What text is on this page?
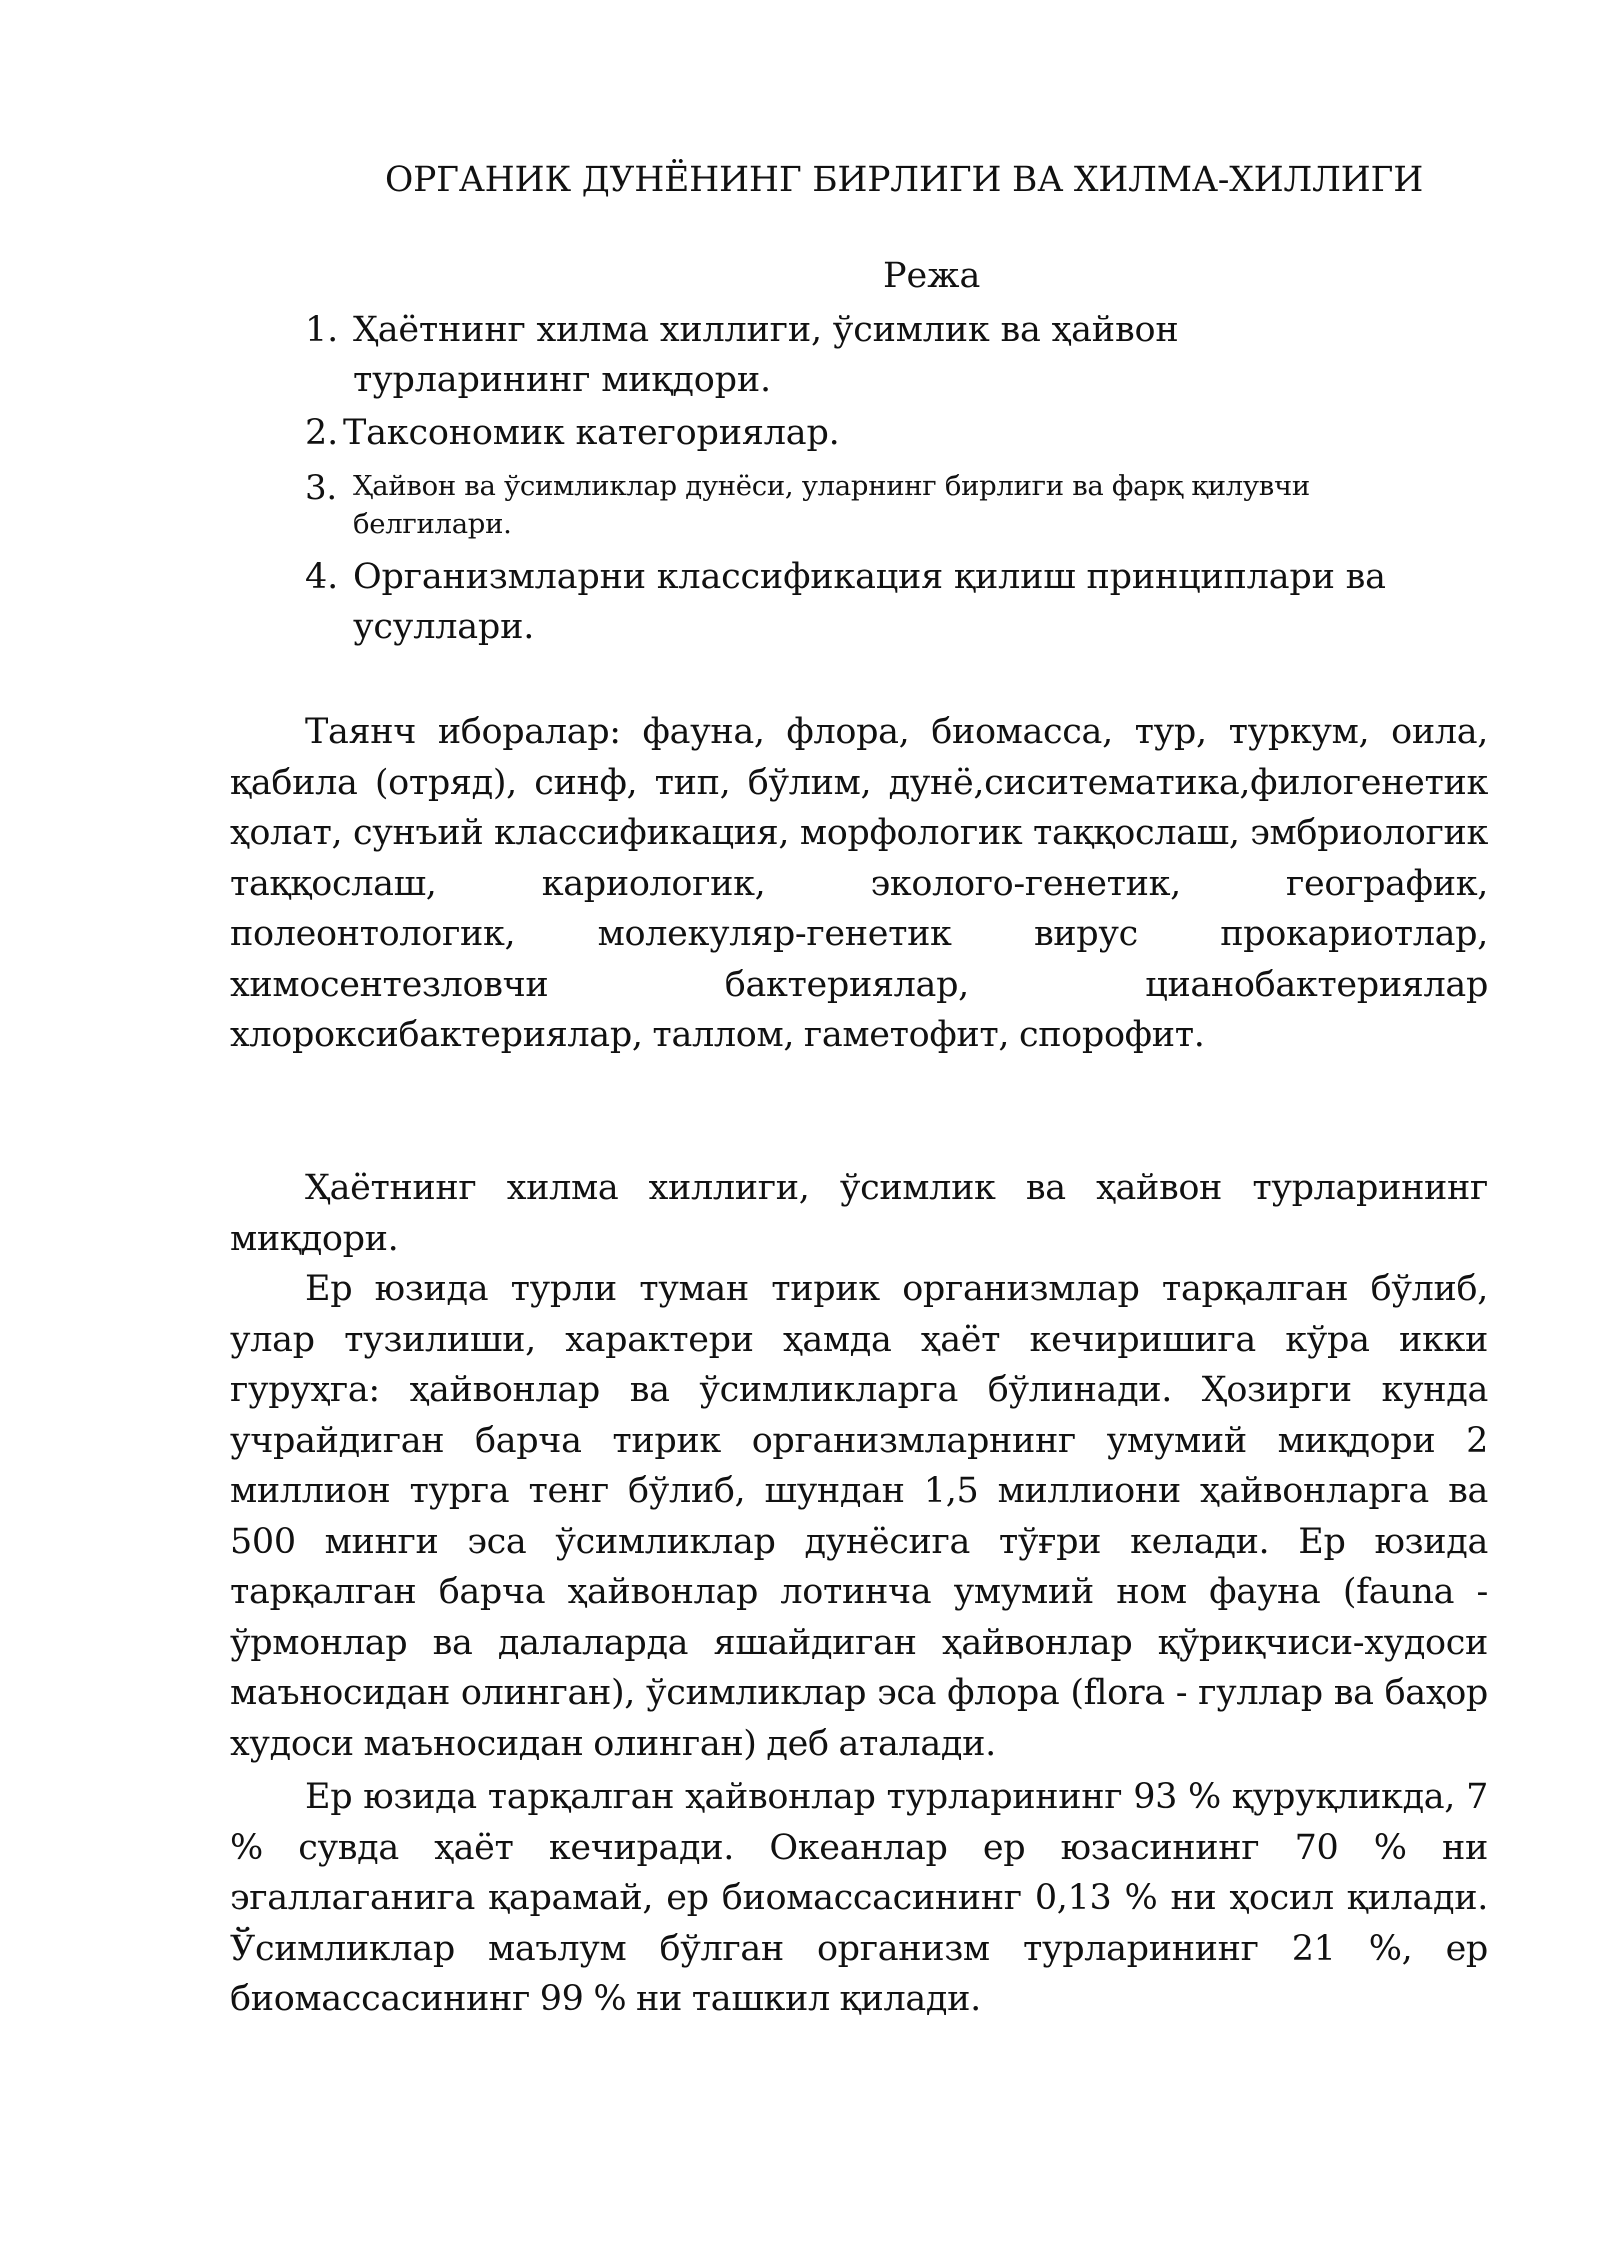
ОРГАНИК ДУНЁНИНГ БИРЛИГИ ВА ХИЛМА-ХИЛЛИГИ
Режа
1. Ҳаётнинг хилма хиллиги, ўсимлик ва ҳайвон турларининг миқдори.
2. Таксономик категориялар.
3. Ҳайвон ва ўсимликлар дунёси, уларнинг бирлиги ва фарқ қилувчи белгилари.
4. Организмларни классификация қилиш принциплари ва усуллари.

Таянч иборалар: фауна, флора, биомасса, тур, туркум, оила, қабила (отряд), синф, тип, бўлим, дунё,сиситематика,филогенетик ҳолат, сунъий классификация, морфологик таққослаш, эмбриологик таққослаш, кариологик, эколого-генетик, географик, полеонтологик, молекуляр-генетик вирус прокариотлар, химосентезловчи бактериялар, цианобактериялар хлороксибактериялар, таллом, гаметофит, спорофит.

Ҳаётнинг хилма хиллиги, ўсимлик ва ҳайвон турларининг миқдори.

Ер юзида турли туман тирик организмлар тарқалган бўлиб, улар тузилиши, характери ҳамда ҳаёт кечиришига кўра икки гуруҳга: ҳайвонлар ва ўсимликларга бўлинади. Ҳозирги кунда учрайдиган барча тирик организмларнинг умумий миқдори 2 миллион турга тенг бўлиб, шундан 1,5 миллиони ҳайвонларга ва 500 минги эса ўсимликлар дунёсига тўғри келади. Ер юзида тарқалган барча ҳайвонлар лотинча умумий ном фауна (fauna - ўрмонлар ва далаларда яшайдиган ҳайвонлар қўриқчиси-худоси маъносидан олинган), ўсимликлар эса флора (flora - гуллар ва баҳор худоси маъносидан олинган) деб аталади.

Ер юзида тарқалган ҳайвонлар турларининг 93 % қуруқликда, 7 % сувда ҳаёт кечиради. Океанлар ер юзасининг 70 % ни эгаллаганига қарамай, ер биомассасининг 0,13 % ни ҳосил қилади. Ўсимликлар маълум бўлган организм турларининг 21 %, ер биомассасининг 99 % ни ташкил қилади.
